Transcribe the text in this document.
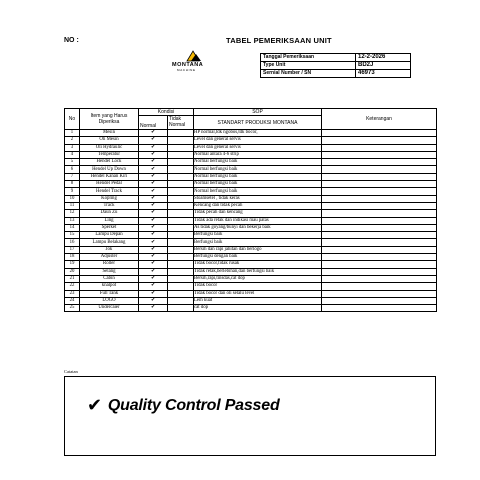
NO :	TABEL PEMERIKSAAN UNIT
MONTANA
MACHINE
Tanggal Pemeriksaan	12-2-2026
Type Unit	BD2J
Sernial Number / SN	46973
No	Item yang Harus Diperiksa	Kondisi		SOP	Keterangan
		Normal	Tidak Normal	STANDART PRODUKSI MONTANA	
1	Mesin	✔		HP normal,tdk ngobos,tdk bocor,	
2	Oli Mesin	✔		Level dan general servis	
3	Oli Hydraulic	✔		Level dan general servis	
4	Temperatur	✔		Normal antara 4-6 strip	
5	Hendel Lock	✔		Normal berfungsi baik	
6	Hendel Up Down	✔		Normal berfungsi baik	
7	Hendel Kanan Kiri	✔		Normal berfungsi baik	
8	Hendel Pedal	✔		Normal berfungsi baik	
9	Hendel Track	✔		Normal berfungsi baik	
10	Kopling	✔		Stoamsetel , tidak keras	
11	Track	✔		Kencang dan tidak pecah	
12	Daun Zu	✔		Tidak pecah dan kencang	
13	Ling	✔		Tidak ada retak dan indikasi mau patas	
14	Sperket	✔		As tidak goyang/bunyi dan bekerja baik	
15	Lampu Depan	✔		Berfungsi baik	
16	Lampu Belakang	✔		Berfungsi baik	
17	Jok	✔		Bersih dan rapi jahitan dan berlogo	
18	Adjuster	✔		Berfungsi dengan baik	
19	Roller	✔		Tidak bocor,tidak rusak	
20	Selang	✔		Tidak retak,berlebihan,dan berfungsi baik	
21	Cabin	✔		Bersih,rapi,tinsdas,cat dop	
22	knalpot	✔		Tidak bocor	
23	Full Tank	✔		Tidak bocor dan oli selalu level	
24	LOGO	✔		Lem kuat	
25	Undercaier	✔		cat dop	
Catatan
✔ Quality Control Passed
